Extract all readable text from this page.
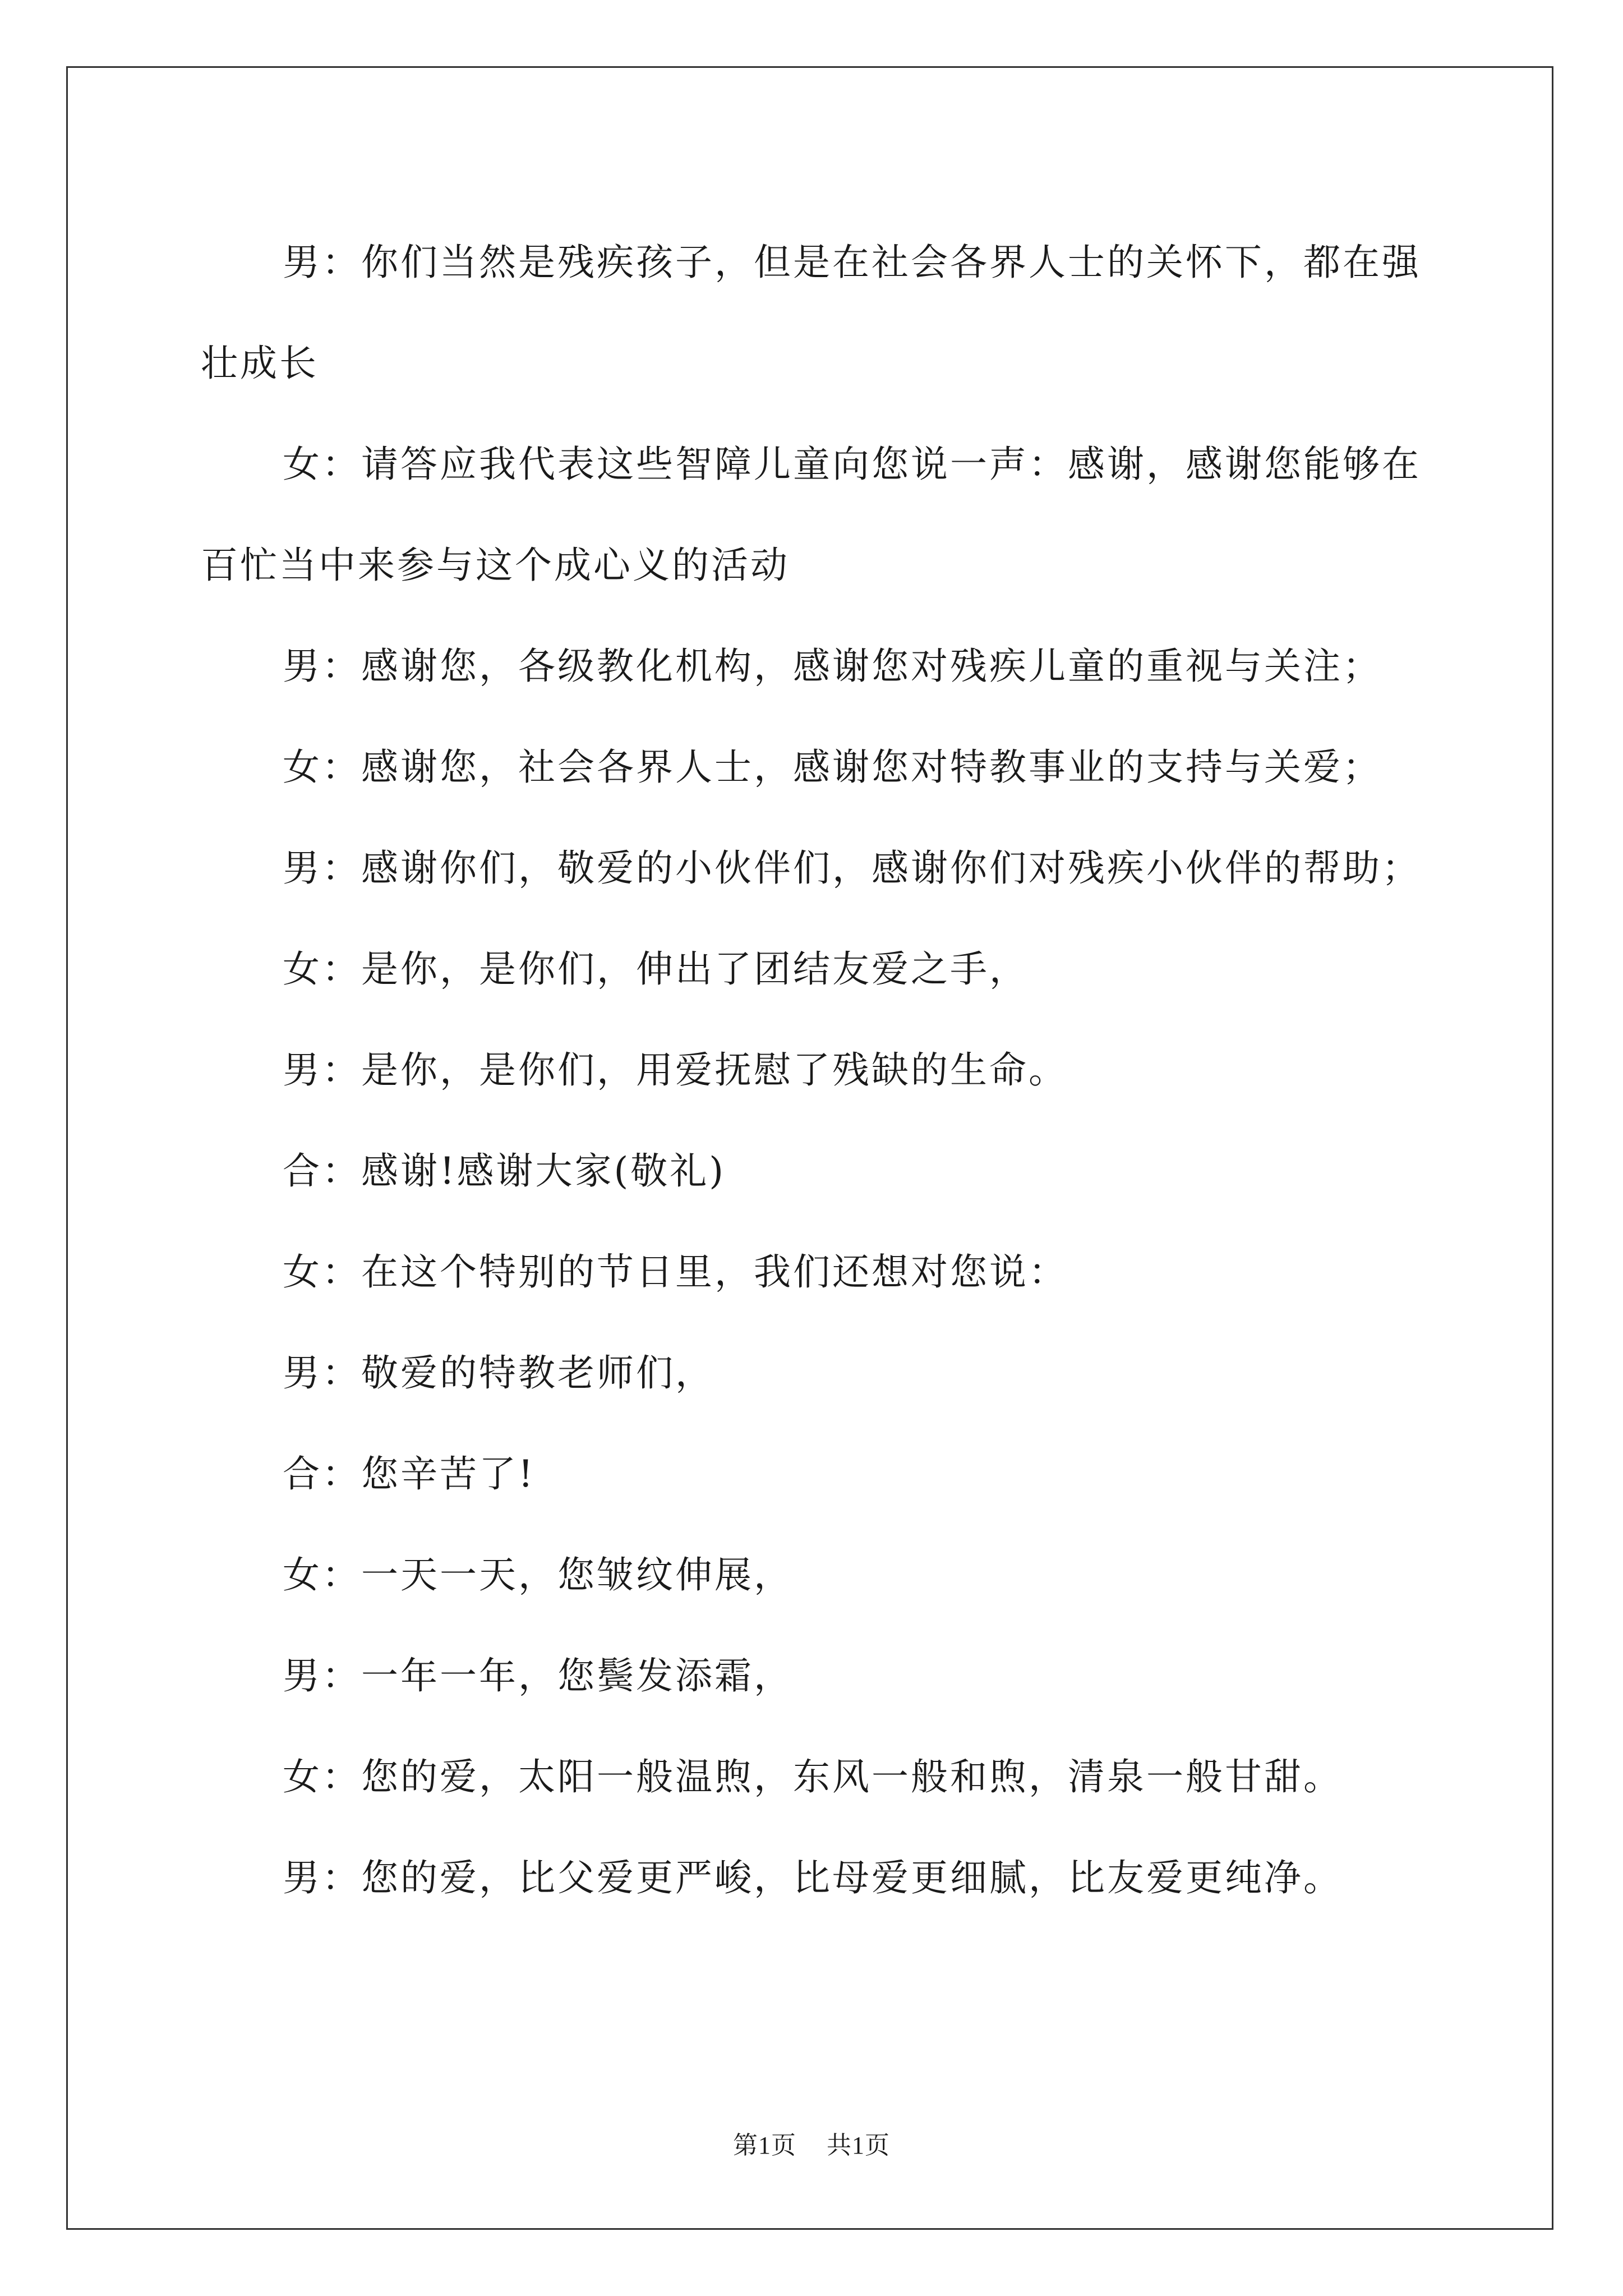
男：你们当然是残疾孩子，但是在社会各界人士的关怀下，都在强壮成长

女：请答应我代表这些智障儿童向您说一声：感谢，感谢您能够在百忙当中来参与这个成心义的活动

男：感谢您，各级教化机构，感谢您对残疾儿童的重视与关注；

女：感谢您，社会各界人士，感谢您对特教事业的支持与关爱；

男：感谢你们，敬爱的小伙伴们，感谢你们对残疾小伙伴的帮助；

女：是你，是你们，伸出了团结友爱之手，

男：是你，是你们，用爱抚慰了残缺的生命。

合：感谢!感谢大家(敬礼)

女：在这个特别的节日里，我们还想对您说：

男：敬爱的特教老师们，

合：您辛苦了!

女：一天一天，您皱纹伸展，

男：一年一年，您鬓发添霜，

女：您的爱，太阳一般温煦，东风一般和煦，清泉一般甘甜。

男：您的爱，比父爱更严峻，比母爱更细腻，比友爱更纯净。

第1页 共1页
